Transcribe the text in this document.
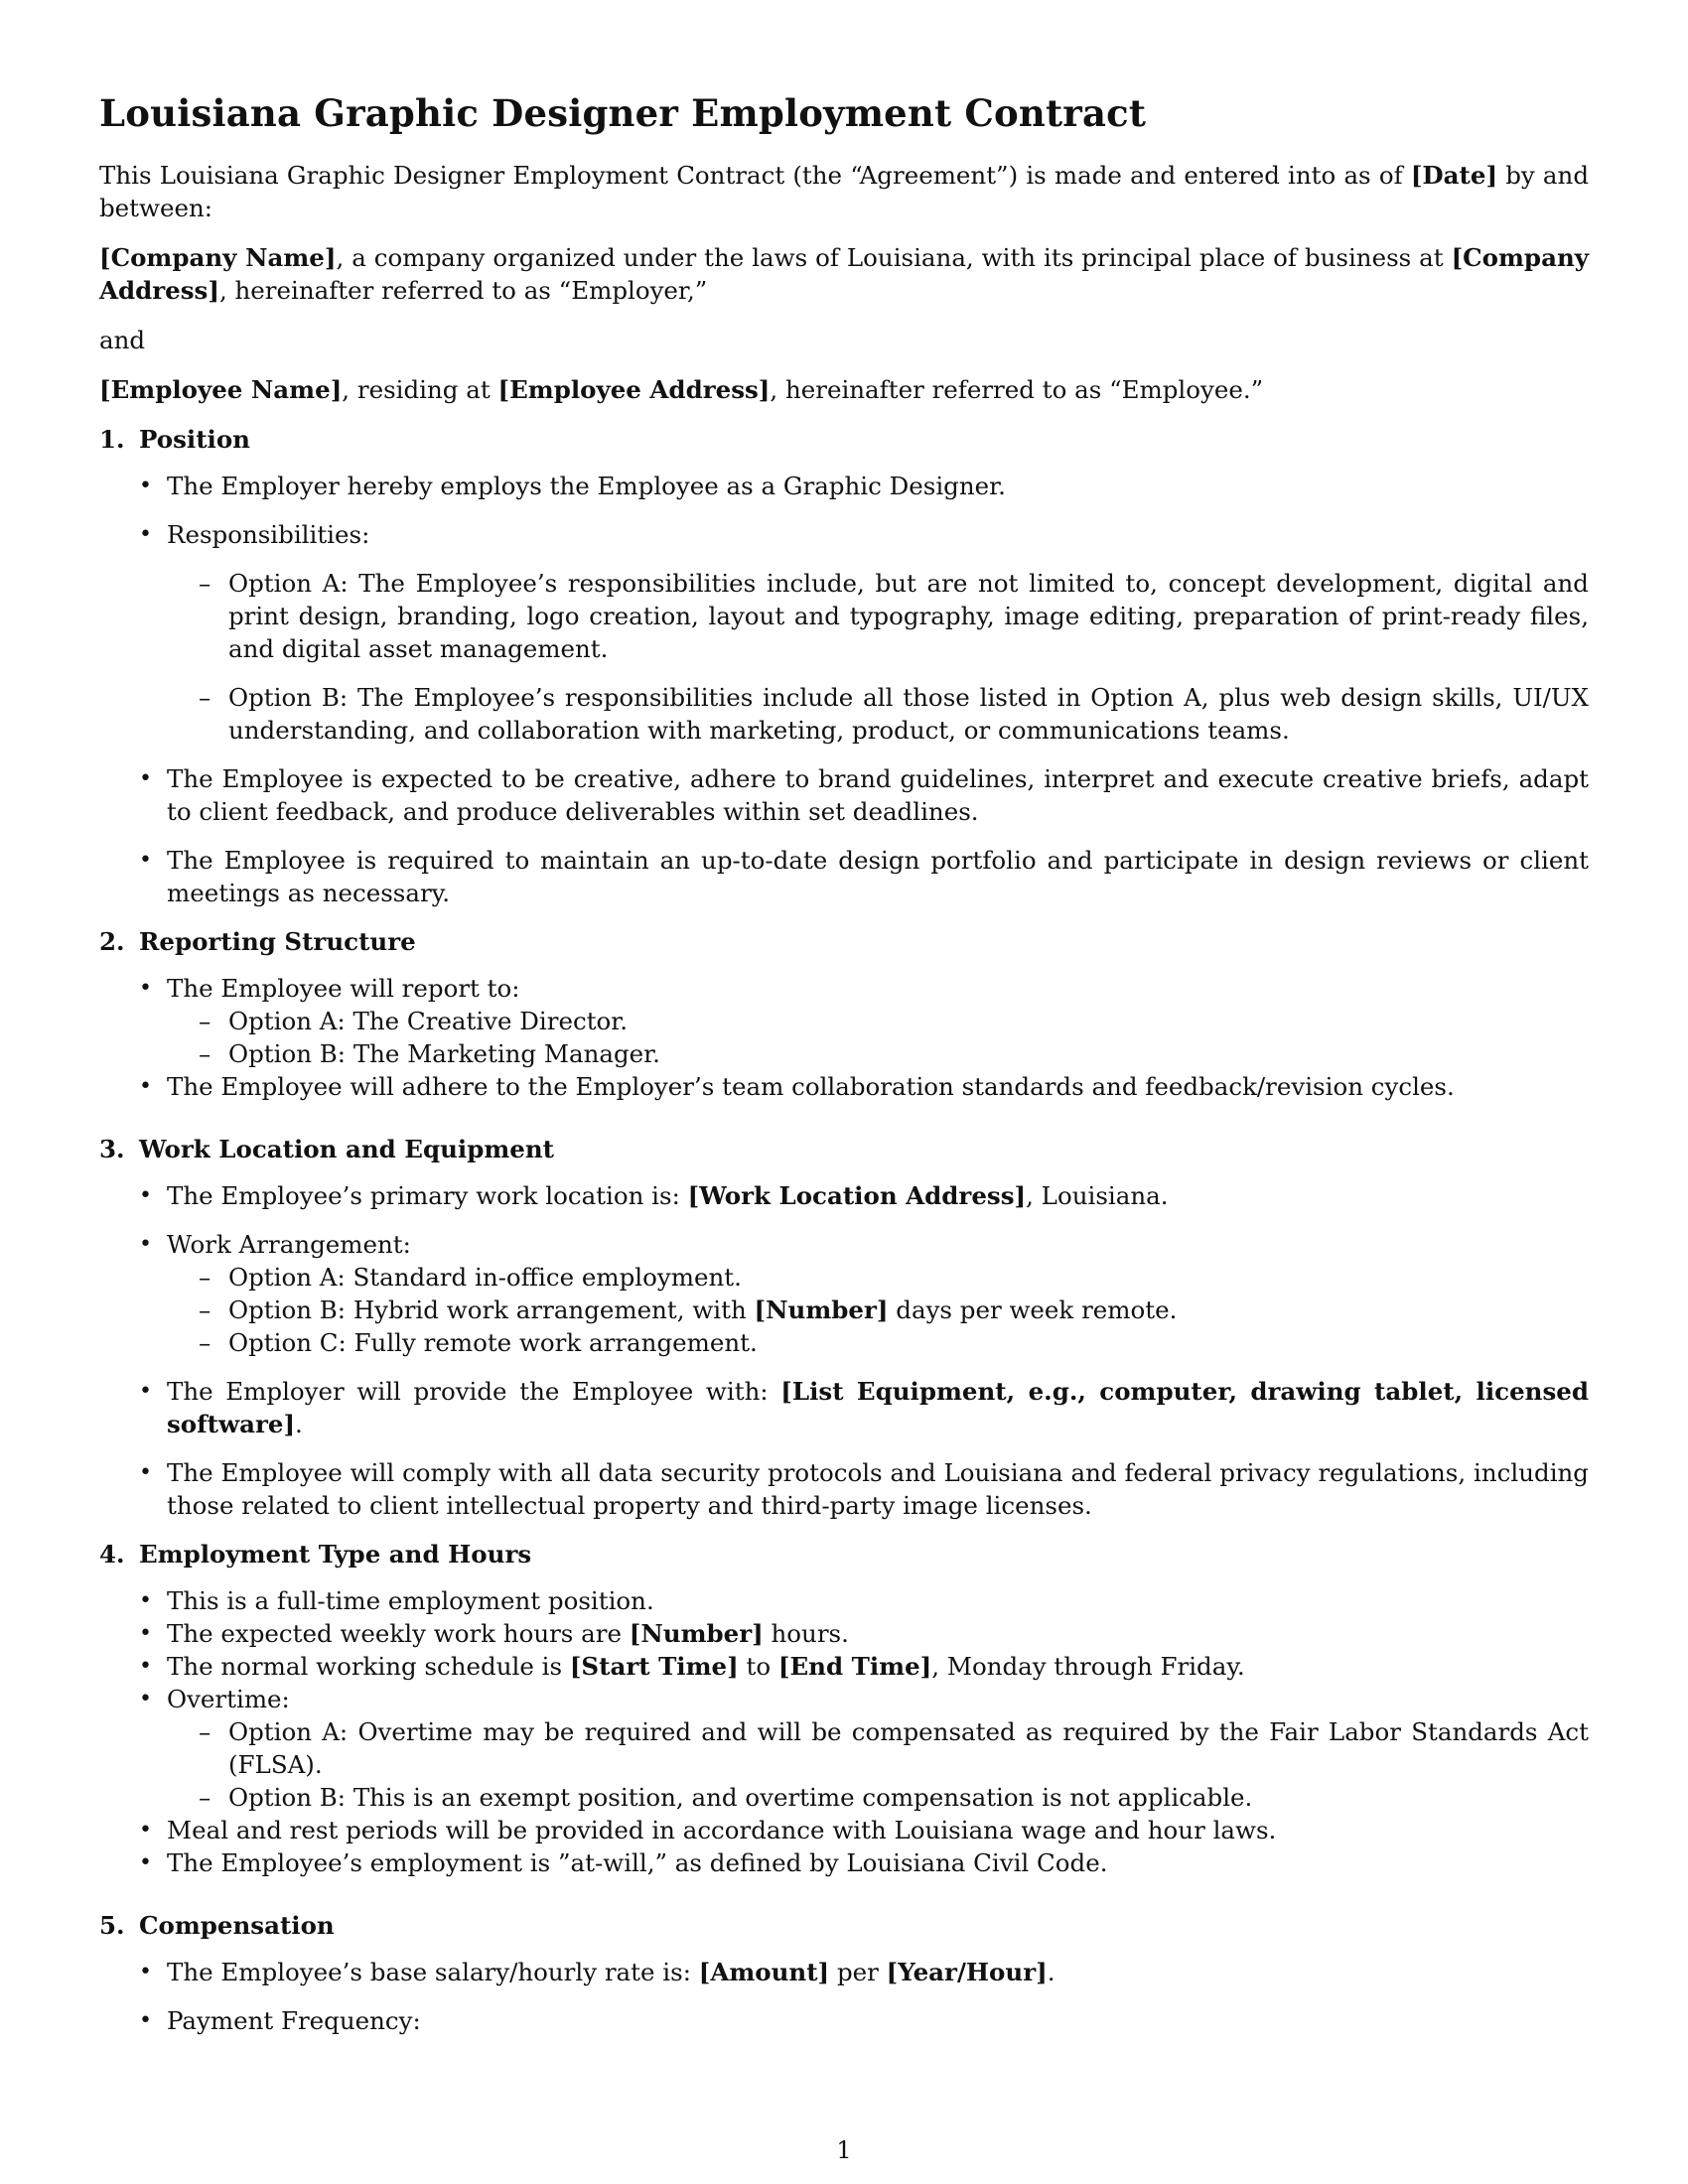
Louisiana Graphic Designer Employment Contract

This Louisiana Graphic Designer Employment Contract (the “Agreement”) is made and entered into as of [Date] by and between:

[Company Name], a company organized under the laws of Louisiana, with its principal place of business at [Company Address], hereinafter referred to as “Employer,”

and

[Employee Name], residing at [Employee Address], hereinafter referred to as “Employee.”

1. Position
• The Employer hereby employs the Employee as a Graphic Designer.
• Responsibilities:
– Option A: The Employee’s responsibilities include, but are not limited to, concept development, digital and print design, branding, logo creation, layout and typography, image editing, preparation of print-ready files, and digital asset management.
– Option B: The Employee’s responsibilities include all those listed in Option A, plus web design skills, UI/UX understanding, and collaboration with marketing, product, or communications teams.
• The Employee is expected to be creative, adhere to brand guidelines, interpret and execute creative briefs, adapt to client feedback, and produce deliverables within set deadlines.
• The Employee is required to maintain an up-to-date design portfolio and participate in design reviews or client meetings as necessary.
2. Reporting Structure
• The Employee will report to:
– Option A: The Creative Director.
– Option B: The Marketing Manager.
• The Employee will adhere to the Employer’s team collaboration standards and feedback/revision cycles.
3. Work Location and Equipment
• The Employee’s primary work location is: [Work Location Address], Louisiana.
• Work Arrangement:
– Option A: Standard in-office employment.
– Option B: Hybrid work arrangement, with [Number] days per week remote.
– Option C: Fully remote work arrangement.
• The Employer will provide the Employee with: [List Equipment, e.g., computer, drawing tablet, licensed software].
• The Employee will comply with all data security protocols and Louisiana and federal privacy regulations, including those related to client intellectual property and third-party image licenses.
4. Employment Type and Hours
• This is a full-time employment position.
• The expected weekly work hours are [Number] hours.
• The normal working schedule is [Start Time] to [End Time], Monday through Friday.
• Overtime:
– Option A: Overtime may be required and will be compensated as required by the Fair Labor Standards Act (FLSA).
– Option B: This is an exempt position, and overtime compensation is not applicable.
• Meal and rest periods will be provided in accordance with Louisiana wage and hour laws.
• The Employee’s employment is ”at-will,” as defined by Louisiana Civil Code.
5. Compensation
• The Employee’s base salary/hourly rate is: [Amount] per [Year/Hour].
• Payment Frequency:
1
